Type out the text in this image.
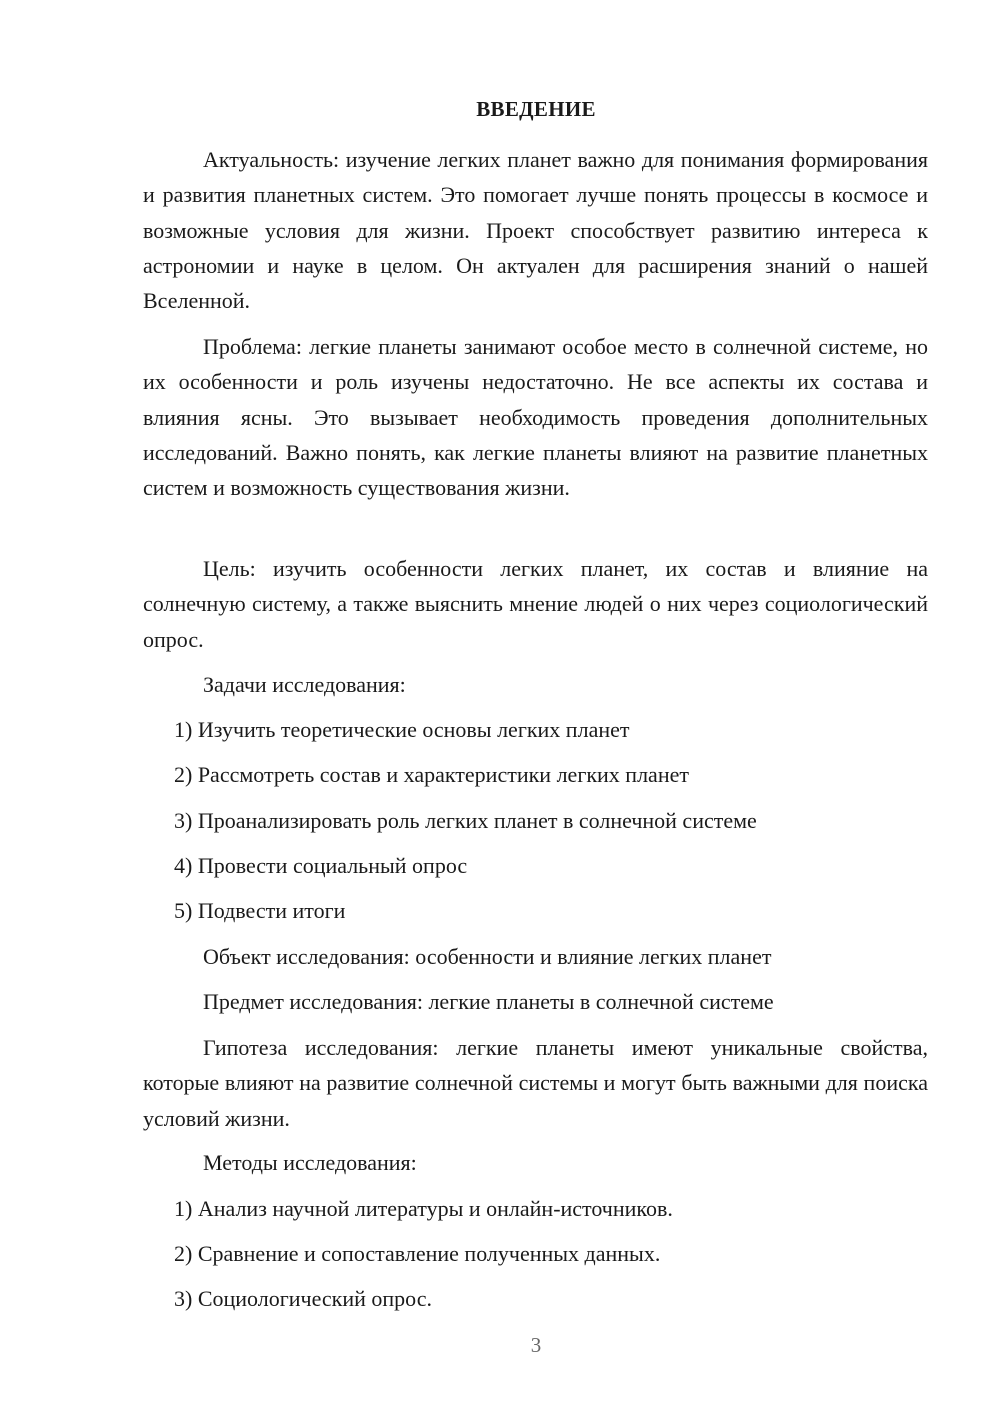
ВВЕДЕНИЕ
Актуальность: изучение легких планет важно для понимания формирования и развития планетных систем. Это помогает лучше понять процессы в космосе и возможные условия для жизни. Проект способствует развитию интереса к астрономии и науке в целом. Он актуален для расширения знаний о нашей Вселенной.
Проблема: легкие планеты занимают особое место в солнечной системе, но их особенности и роль изучены недостаточно. Не все аспекты их состава и влияния ясны. Это вызывает необходимость проведения дополнительных исследований. Важно понять, как легкие планеты влияют на развитие планетных систем и возможность существования жизни.
Цель: изучить особенности легких планет, их состав и влияние на солнечную систему, а также выяснить мнение людей о них через социологический опрос.
Задачи исследования:
1) Изучить теоретические основы легких планет
2) Рассмотреть состав и характеристики легких планет
3) Проанализировать роль легких планет в солнечной системе
4) Провести социальный опрос
5) Подвести итоги
Объект исследования: особенности и влияние легких планет
Предмет исследования: легкие планеты в солнечной системе
Гипотеза исследования: легкие планеты имеют уникальные свойства, которые влияют на развитие солнечной системы и могут быть важными для поиска условий жизни.
Методы исследования:
1) Анализ научной литературы и онлайн-источников.
2) Сравнение и сопоставление полученных данных.
3) Социологический опрос.
3
